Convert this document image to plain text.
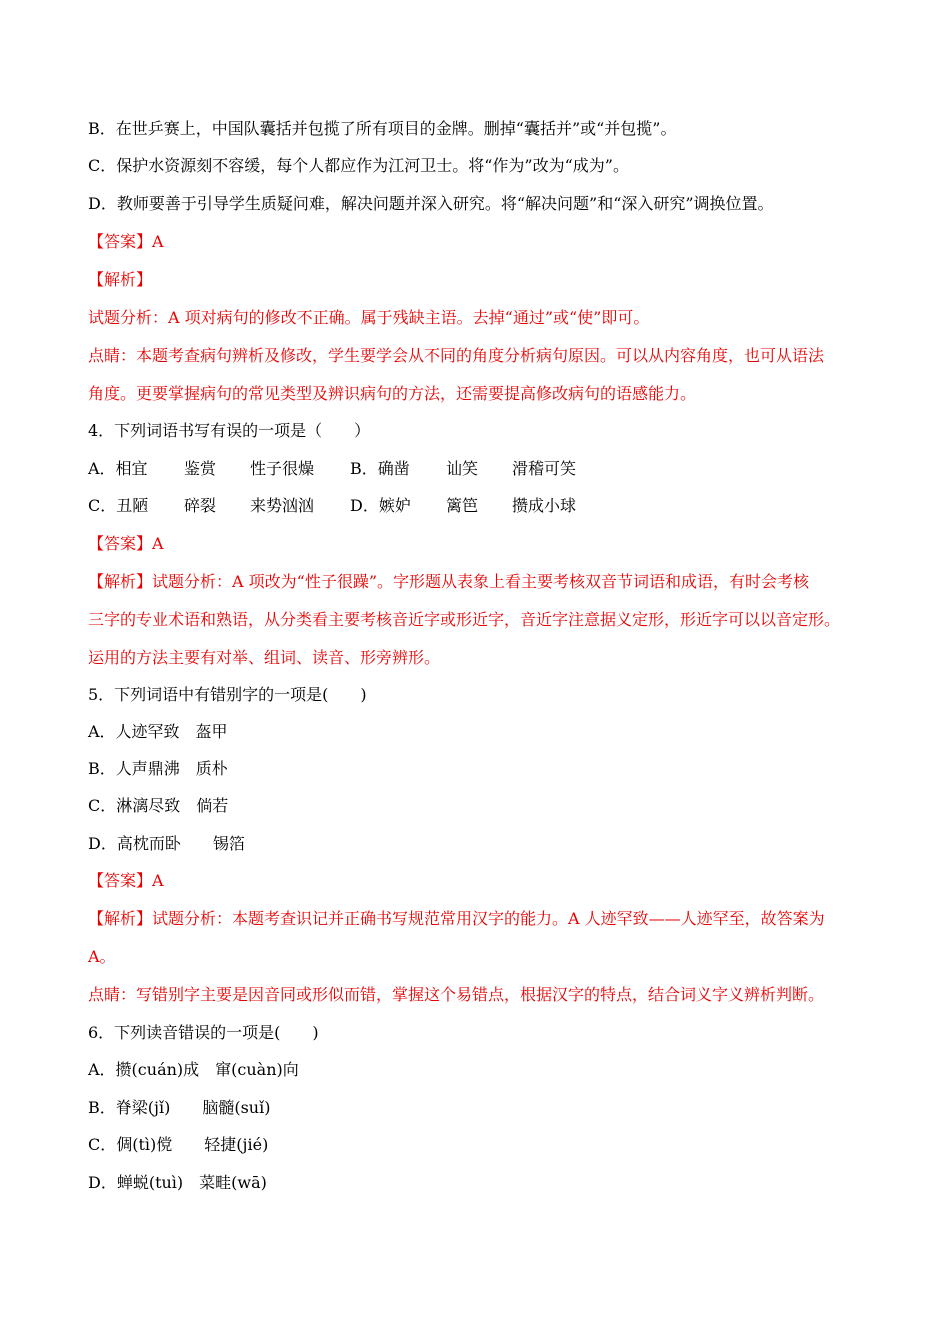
B．在世乒赛上，中国队囊括并包揽了所有项目的金牌。删掉“囊括并”或“并包揽”。
C．保护水资源刻不容缓，每个人都应作为江河卫士。将“作为”改为“成为”。
D．教师要善于引导学生质疑问难，解决问题并深入研究。将“解决问题”和“深入研究”调换位置。
【答案】A
【解析】
试题分析：A 项对病句的修改不正确。属于残缺主语。去掉“通过”或“使”即可。
点睛：本题考查病句辨析及修改，学生要学会从不同的角度分析病句原因。可以从内容角度，也可从语法
角度。更要掌握病句的常见类型及辨识病句的方法，还需要提高修改病句的语感能力。
4．下列词语书写有误的一项是（　　）
A．相宜 鉴赏 性子很燥 B．确凿 讪笑 滑稽可笑
C．丑陋 碎裂 来势汹汹 D．嫉妒 篱笆 攒成小球
【答案】A
【解析】试题分析：A 项改为“性子很躁”。字形题从表象上看主要考核双音节词语和成语，有时会考核
三字的专业术语和熟语，从分类看主要考核音近字或形近字，音近字注意据义定形，形近字可以以音定形。
运用的方法主要有对举、组词、读音、形旁辨形。
5．下列词语中有错别字的一项是(　　)
A．人迹罕致　盔甲
B．人声鼎沸　质朴
C．淋漓尽致　倘若
D．高枕而卧　　锡箔
【答案】A
【解析】试题分析：本题考查识记并正确书写规范常用汉字的能力。A 人迹罕致——人迹罕至，故答案为
A。
点睛：写错别字主要是因音同或形似而错，掌握这个易错点，根据汉字的特点，结合词义字义辨析判断。
6．下列读音错误的一项是(　　)
A．攒(cuán)成　窜(cuàn)向
B．脊梁(jǐ)　　脑髓(suǐ)
C．倜(tì)傥　　轻捷(jié)
D．蝉蜕(tuì)　菜畦(wā)
